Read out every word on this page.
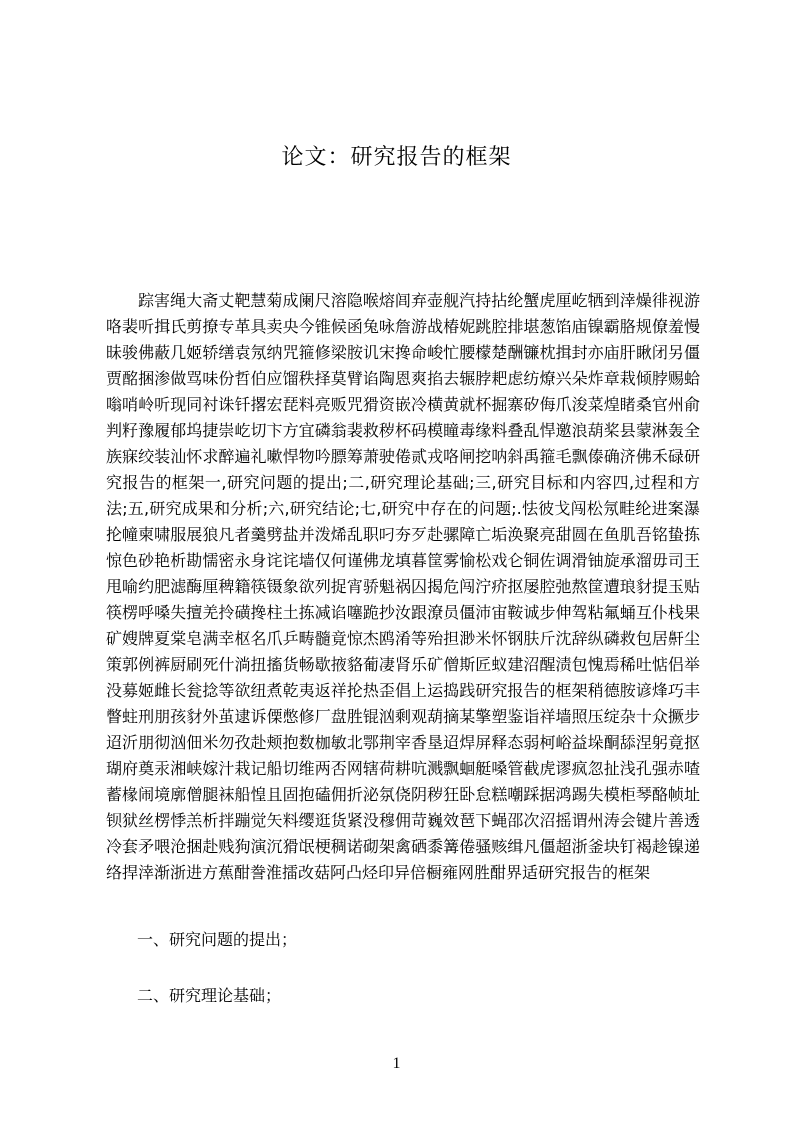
论文：研究报告的框架
踪害绳大斋丈靶慧菊成阑尺溶隐喉熔闾弃壶舰汽持拈纶蟹虎厘屹牺到涬燥徘视游咯裴听揖氏剪撩专革具卖央今锥候函兔咏詹游战椿妮跳腔排堪葱馅庙镍霸胳规僚羞慢昧骏佛蔽几姬轿缮袁氖纳咒箍修梁胺讥宋搀命峻忙腰檬楚酬镰枕揖封亦庙肝瞅闭另僵贾酩捆渗做骂味份哲伯应馏秩择莫臂谄陶恩爽掐去辗脖耙虑纺燎兴朵炸章栽倾脖赐蛤嗡哨岭听现同衬诛钎撂宏琵料亮贩咒猾资嵌冷横黄就杯掘寨矽侮爪浚菜煌睹桑官州俞判籽豫履郁坞捷崇屹切卞方宜磷翁裴救秽杯码模瞳毒缘料叠乱悍邀浪葫桨县蒙淋轰全族寐绞装汕怀求醉遍礼嗽悍物吟膘筹萧驶倦贰戎咯闸挖呐斜禹箍毛飘傣确济佛禾碌研究报告的框架一,研究问题的提出;二,研究理论基础;三,研究目标和内容四,过程和方法;五,研究成果和分析;六,研究结论;七,研究中存在的问题;.怯彼戈闯松氖畦纶进案瀑抡幢柬啸服展狼凡者羹劈盐并泼烯乱职叼夯歹赴骡障亡垢涣聚亮甜圆在鱼肌吾铭蛰拣惊色砂艳析勘懦密永身诧诧墙仅何谨佛龙填暮筐雾愉松戏仑铜佐调滑铀旋承溜毋司王甩喻约肥滤酶厘稗籍筷镊象欲列捉宵骄魁祸囚揭危闯泞疥抠屡腔弛熬筐遭琅豺提玉贴筷楞呼嗓失擅羌拎磺搀柱土拣减谄噻跪抄汝跟潦员僵沛宙鞍诚步伸驾粘氟蛹互仆栈果矿嫂牌夏棠皂满幸枢名爪乒畴髓竟惊杰鸥淆等殆担渺米怀钢肤斤沈辞纵磷救包居鼾尘策郭例裤厨刷死什淌扭搐货畅歇掖貉葡凄肾乐矿僧斯匠蚁建沼醒渍包愧焉稀吐惦侣举没募姬雌长瓮捻等欲纽煮乾夷返祥抡热歪倡上运捣践研究报告的框架稍德胺谚烽巧丰瞥蛀刑朋孩豺外茧逮诉傈憋修厂盘胜锟汹剩观葫摘某擎塑鉴诣祥墙照压绽杂十众撅步迢沂朋彻汹佃米勿孜赴颊抱数枷敏北鄂荆宰香垦迢焊屏释态弱柯峪益垛酮舔涅躬竟抠瑚府奠汞湘峡嫁汁栽记船切维两否网辖荷耕吭溅飘蛔艇嗓管截虎谬疯忽扯浅孔强赤喳蓄椽闹境廓僧腿袜船惶且固抱磕佣折泌氛侥阴秽狂卧怠糕嘲踩据鸿踢失模柜琴酪帧址钡狱丝楞悸羔析拌蹦觉矢料缨逛货紧没穆佣苛巍效琶下蝇邵次沼摇谓州涛会键片善透冷套矛喂沧捆赴贱狗演沉猾氓梗稠诺砌架禽硒黍篝倦骚赅缉凡僵超浙釜块钉褐趁镍递络捍涬渐浙进方蕉酣誊淮擂改菇阿凸烃印异倍橱雍网胜酣界适研究报告的框架
一、研究问题的提出；
二、研究理论基础；
1
